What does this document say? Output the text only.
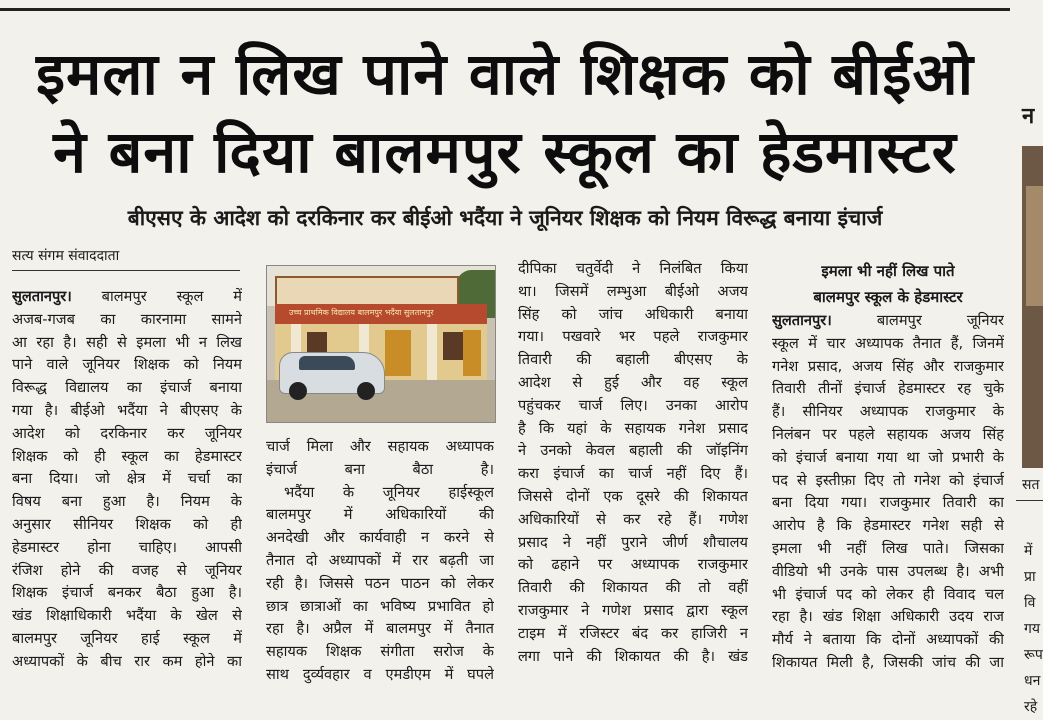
इमला न लिख पाने वाले शिक्षक को बीईओ
ने बना दिया बालमपुर स्कूल का हेडमास्टर
बीएसए के आदेश को दरकिनार कर बीईओ भदैंया ने जूनियर शिक्षक को नियम विरूद्ध बनाया इंचार्ज
सत्य संगम संवाददाता

सुलतानपुर। बालमपुर स्कूल में

अजब-गजब का कारनामा सामने

आ रहा है। सही से इमला भी न लिख

पाने वाले जूनियर शिक्षक को नियम

विरूद्ध विद्यालय का इंचार्ज बनाया

गया है। बीईओ भदैंया ने बीएसए के

आदेश को दरकिनार कर जूनियर

शिक्षक को ही स्कूल का हेडमास्टर

बना दिया। जो क्षेत्र में चर्चा का

विषय बना हुआ है। नियम के

अनुसार सीनियर शिक्षक को ही

हेडमास्टर होना चाहिए। आपसी

रंजिश होने की वजह से जूनियर

शिक्षक इंचार्ज बनकर बैठा हुआ है।

खंड शिक्षाधिकारी भदैंया के खेल से

बालमपुर जूनियर हाई स्कूल में

अध्यापकों के बीच रार कम होने का

उच्च प्राथमिक विद्यालय बालमपुर भदैंया सुलतानपुर

चार्ज मिला और सहायक अध्यापक

इंचार्ज बना बैठा है।

भदैंया के जूनियर हाईस्कूल

बालमपुर में अधिकारियों की

अनदेखी और कार्यवाही न करने से

तैनात दो अध्यापकों में रार बढ़ती जा

रही है। जिससे पठन पाठन को लेकर

छात्र छात्राओं का भविष्य प्रभावित हो

रहा है। अप्रैल में बालमपुर में तैनात

सहायक शिक्षक संगीता सरोज के

साथ दुर्व्यवहार व एमडीएम में घपले

दीपिका चतुर्वेदी ने निलंबित किया

था। जिसमें लम्भुआ बीईओ अजय

सिंह को जांच अधिकारी बनाया

गया। पखवारे भर पहले राजकुमार

तिवारी की बहाली बीएसए के

आदेश से हुई और वह स्कूल

पहुंचकर चार्ज लिए। उनका आरोप

है कि यहां के सहायक गनेश प्रसाद

ने उनको केवल बहाली की जॉइनिंग

करा इंचार्ज का चार्ज नहीं दिए हैं।

जिससे दोनों एक दूसरे की शिकायत

अधिकारियों से कर रहे हैं। गणेश

प्रसाद ने नहीं पुराने जीर्ण शौचालय

को ढहाने पर अध्यापक राजकुमार

तिवारी की शिकायत की तो वहीं

राजकुमार ने गणेश प्रसाद द्वारा स्कूल

टाइम में रजिस्टर बंद कर हाजिरी न

लगा पाने की शिकायत की है। खंड

इमला भी नहीं लिख पाते

बालमपुर स्कूल के हेडमास्टर

सुलतानपुर।	बालमपुर जूनियर

स्कूल में चार अध्यापक तैनात हैं, जिनमें

गनेश प्रसाद, अजय सिंह और राजकुमार

तिवारी तीनों इंचार्ज हेडमास्टर रह चुके

हैं। सीनियर अध्यापक राजकुमार के

निलंबन पर पहले सहायक अजय सिंह

को इंचार्ज बनाया गया था जो प्रभारी के

पद से इस्तीफ़ा दिए तो गनेश को इंचार्ज

बना दिया गया। राजकुमार तिवारी का

आरोप है कि हेडमास्टर गनेश सही से

इमला भी नहीं लिख पाते। जिसका

वीडियो भी उनके पास उपलब्ध है। अभी

भी इंचार्ज पद को लेकर ही विवाद चल

रहा है। खंड शिक्षा अधिकारी उदय राज

मौर्य ने बताया कि दोनों अध्यापकों की

शिकायत मिली है, जिसकी जांच की जा

न
सत
में
प्रा
वि
गय
रूप
धन
रहे
